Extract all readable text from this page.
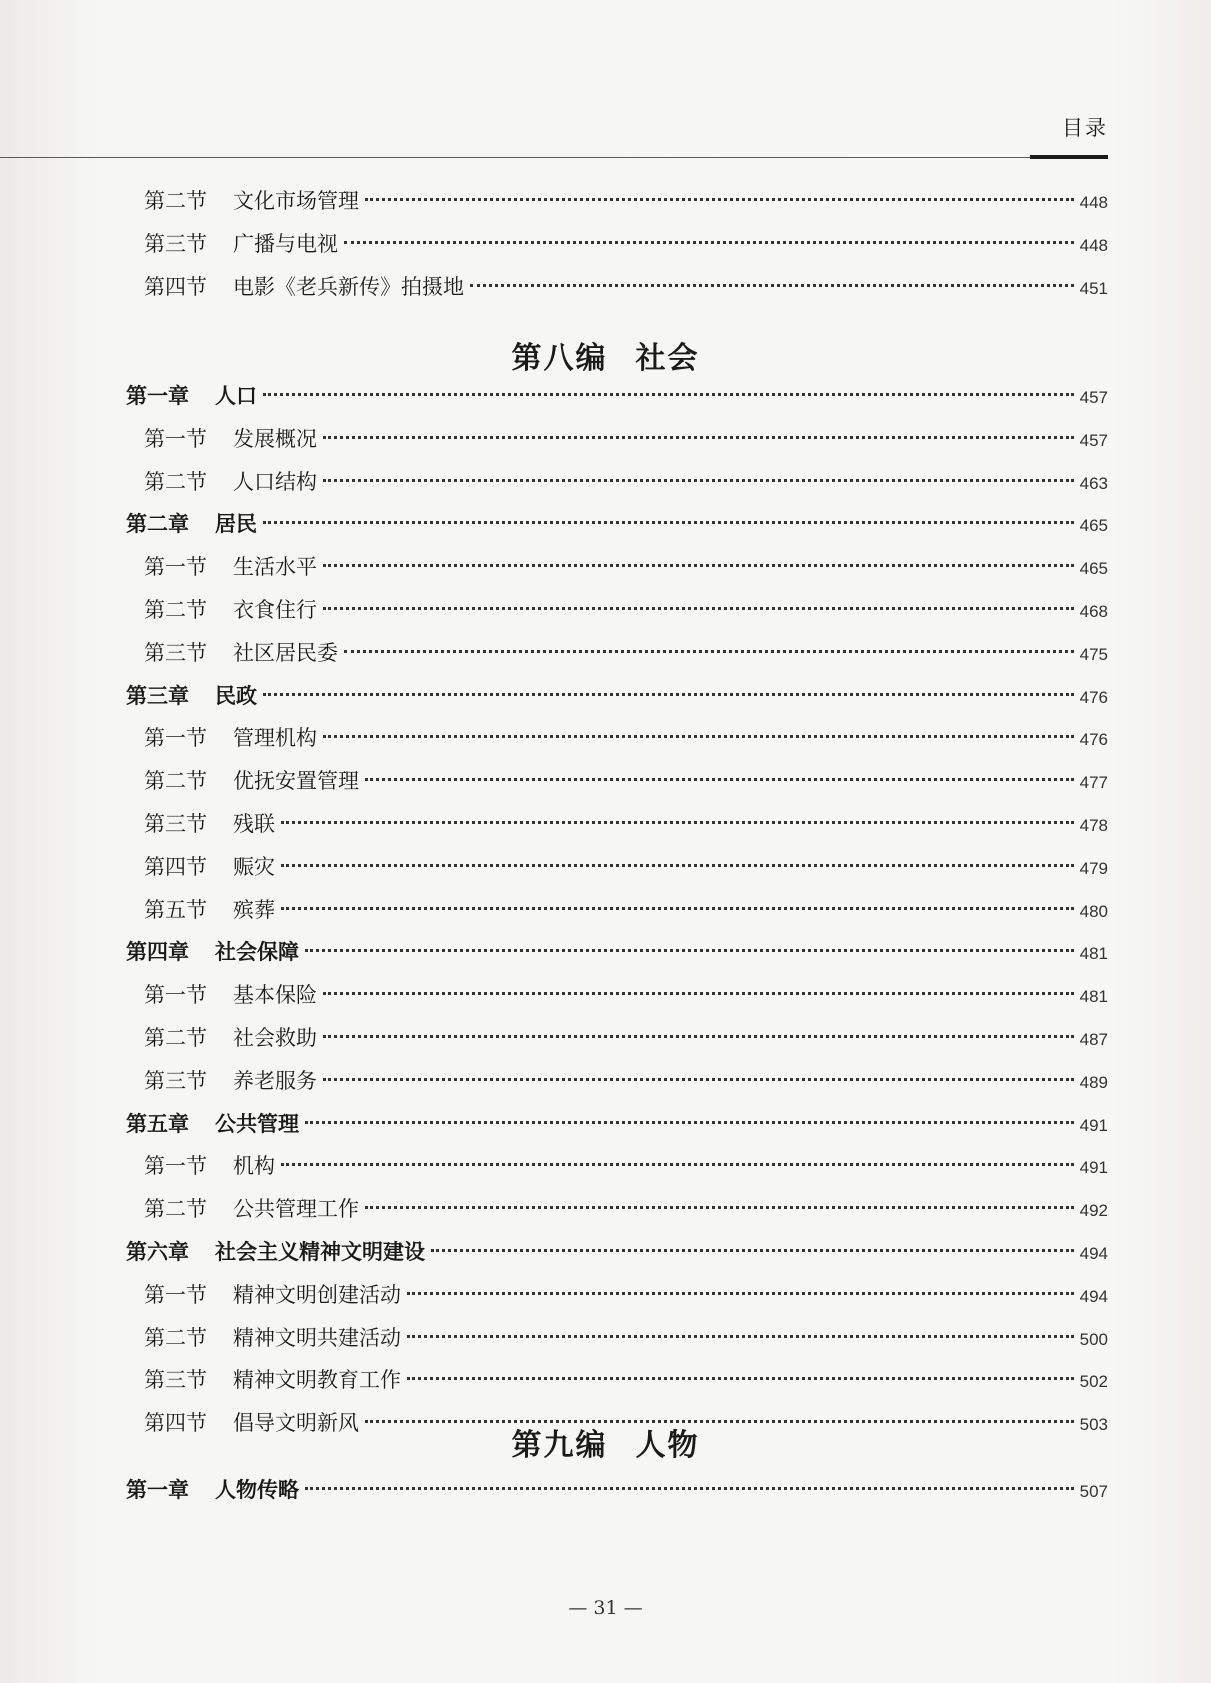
目录
第八编 社会
第九编 人物
第二节 文化市场管理	448
第三节 广播与电视	448
第四节 电影《老兵新传》拍摄地	451
第一章 人口	457
第一节 发展概况	457
第二节 人口结构	463
第二章 居民	465
第一节 生活水平	465
第二节 衣食住行	468
第三节 社区居民委	475
第三章 民政	476
第一节 管理机构	476
第二节 优抚安置管理	477
第三节 残联	478
第四节 赈灾	479
第五节 殡葬	480
第四章 社会保障	481
第一节 基本保险	481
第二节 社会救助	487
第三节 养老服务	489
第五章 公共管理	491
第一节 机构	491
第二节 公共管理工作	492
第六章 社会主义精神文明建设	494
第一节 精神文明创建活动	494
第二节 精神文明共建活动	500
第三节 精神文明教育工作	502
第四节 倡导文明新风	503
第一章 人物传略	507
— 31 —
